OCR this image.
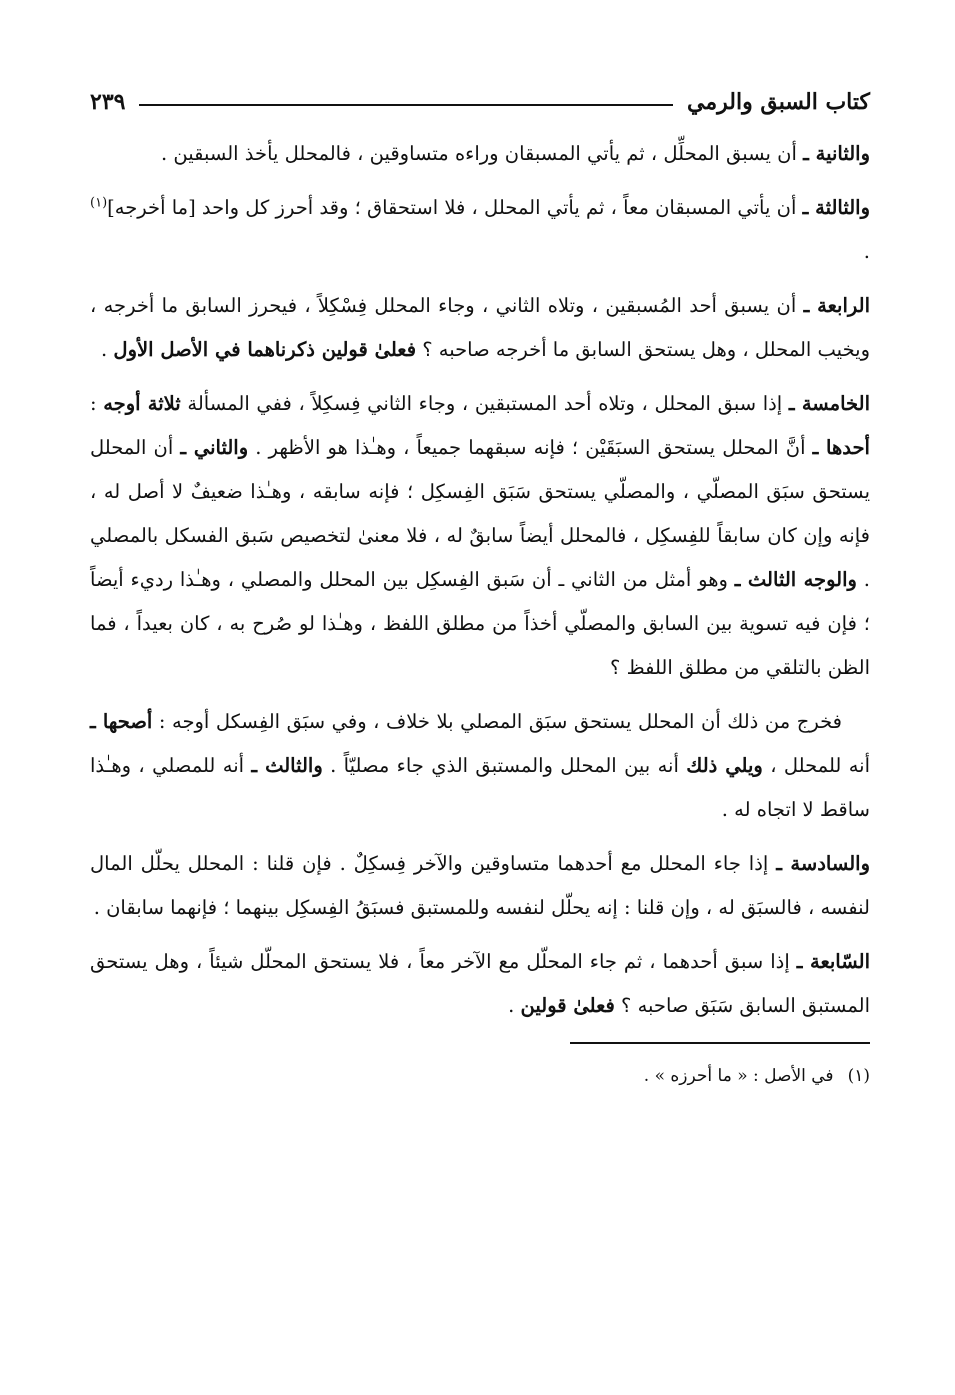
كتاب السبق والرمي
٢٣٩

والثانية ـ أن يسبق المحلِّل ، ثم يأتي المسبقان وراءه متساوقين ، فالمحلل يأخذ السبقين .

والثالثة ـ أن يأتي المسبقان معاً ، ثم يأتي المحلل ، فلا استحقاق ؛ وقد أحرز كل واحد [ما أخرجه]$^{(١)}$ .

الرابعة ـ أن يسبق أحد المُسبقين ، وتلاه الثاني ، وجاء المحلل فِسْكِلاً ، فيحرز السابق ما أخرجه ، ويخيب المحلل ، وهل يستحق السابق ما أخرجه صاحبه ؟ فعلىٰ قولين ذكرناهما في الأصل الأول .

الخامسة ـ إذا سبق المحلل ، وتلاه أحد المستبقين ، وجاء الثاني فِسكِلاً ، ففي المسألة ثلاثة أوجه : أحدها ـ أنَّ المحلل يستحق السبَقَيْن ؛ فإنه سبقهما جميعاً ، وهـٰذا هو الأظهر . والثاني ـ أن المحلل يستحق سبَق المصلّي ، والمصلّي يستحق سَبَق الفِسكِل ؛ فإنه سابقه ، وهـٰذا ضعيفٌ لا أصل له ، فإنه وإن كان سابقاً للفِسكِل ، فالمحلل أيضاً سابقٌ له ، فلا معنىٰ لتخصيص سَبق الفسكل بالمصلي . والوجه الثالث ـ وهو أمثل من الثاني ـ أن سَبق الفِسكِل بين المحلل والمصلي ، وهـٰذا رديء أيضاً ؛ فإن فيه تسوية بين السابق والمصلّي أخذاً من مطلق اللفظ ، وهـٰذا لو صُرح به ، كان بعيداً ، فما الظن بالتلقي من مطلق اللفظ ؟

فخرج من ذلك أن المحلل يستحق سبَق المصلي بلا خلاف ، وفي سبَق الفِسكل أوجه : أصحها ـ أنه للمحلل ، ويلي ذلك أنه بين المحلل والمستبق الذي جاء مصليّاً . والثالث ـ أنه للمصلي ، وهـٰذا ساقط لا اتجاه له .

والسادسة ـ إذا جاء المحلل مع أحدهما متساوقين والآخر فِسكِلٌ . فإن قلنا : المحلل يحلّل المال لنفسه ، فالسبَق له ، وإن قلنا : إنه يحلّل لنفسه وللمستبق فسبَقُ الفِسكِل بينهما ؛ فإنهما سابقان .

السّابعة ـ إذا سبق أحدهما ، ثم جاء المحلّل مع الآخر معاً ، فلا يستحق المحلّل شيئاً ، وهل يستحق المستبق السابق سَبَق صاحبه ؟ فعلىٰ قولين .

(١)في الأصل : « ما أحرزه » .
